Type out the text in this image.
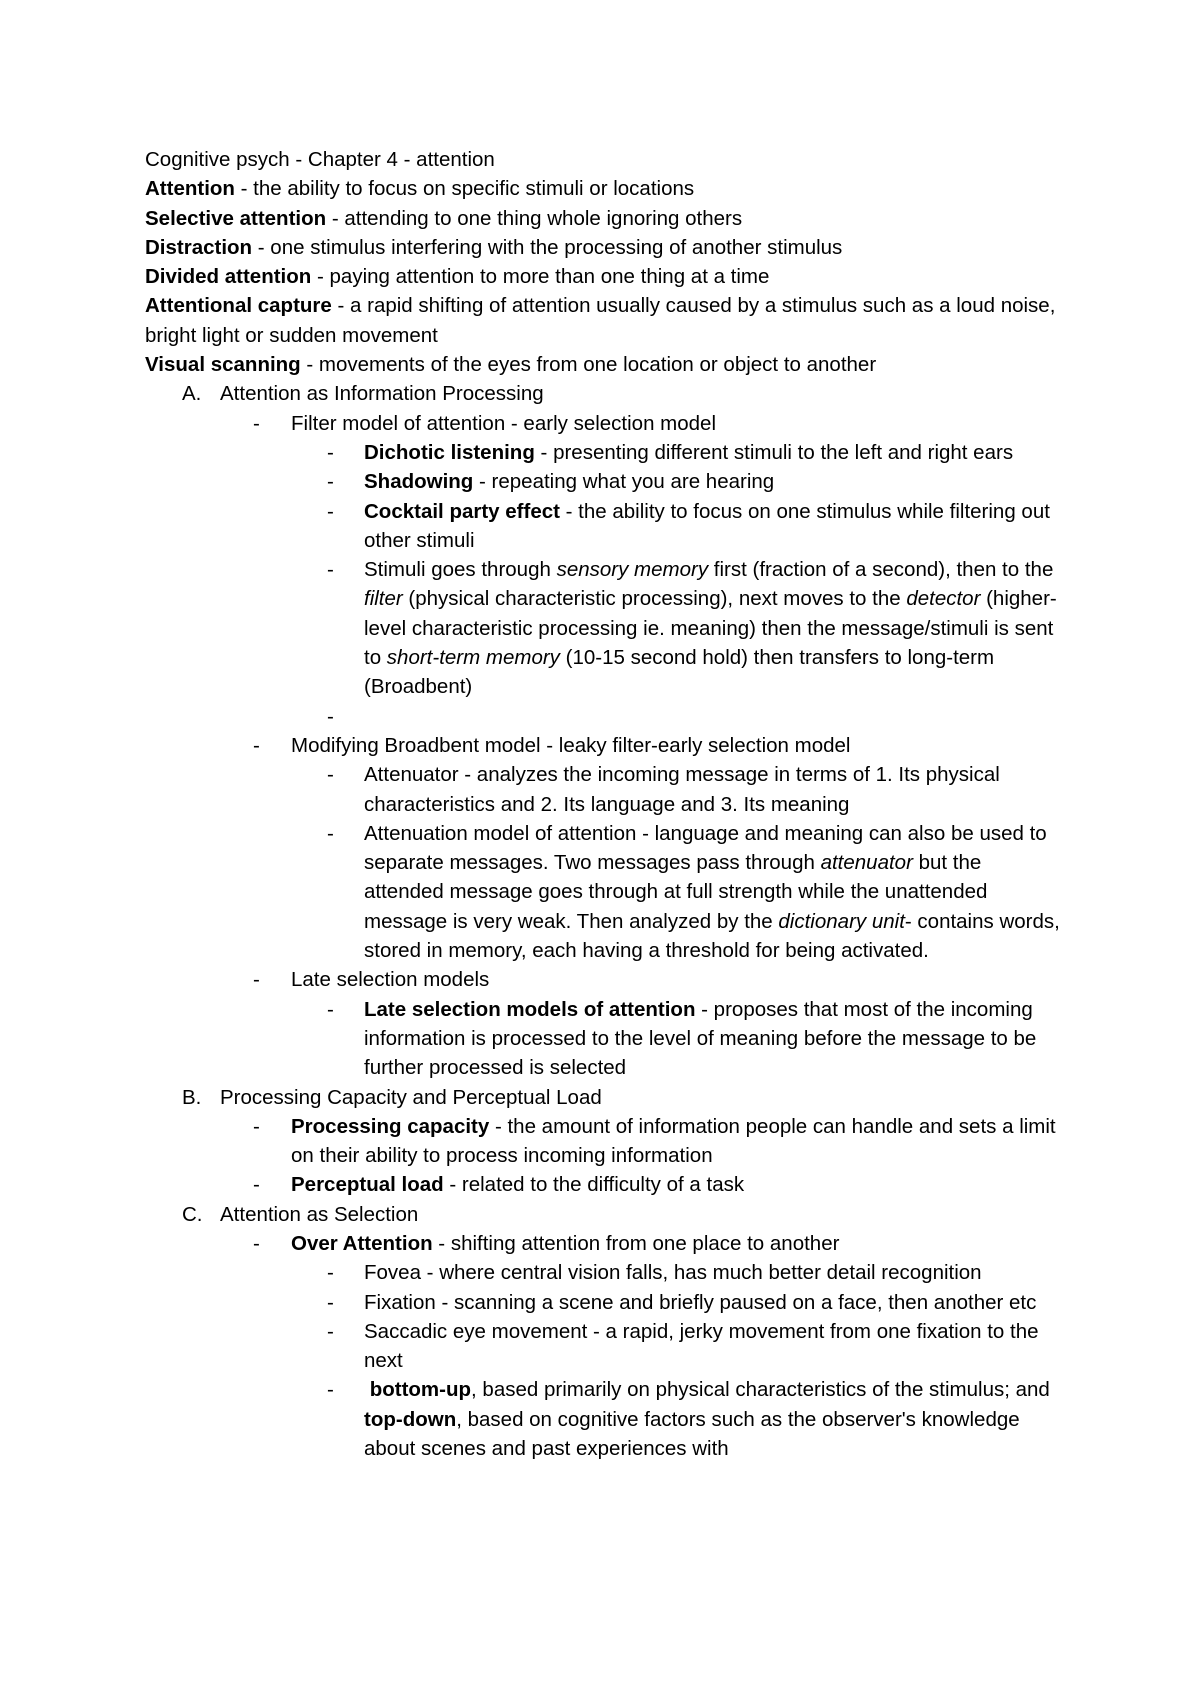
Cognitive psych - Chapter 4 - attention

Attention - the ability to focus on specific stimuli or locations

Selective attention - attending to one thing whole ignoring others

Distraction - one stimulus interfering with the processing of another stimulus

Divided attention - paying attention to more than one thing at a time

Attentional capture - a rapid shifting of attention usually caused by a stimulus such as a loud noise, bright light or sudden movement

Visual scanning - movements of the eyes from one location or object to another

A. Attention as Information Processing

- Filter model of attention - early selection model

- Dichotic listening - presenting different stimuli to the left and right ears

- Shadowing - repeating what you are hearing

- Cocktail party effect - the ability to focus on one stimulus while filtering out other stimuli

- Stimuli goes through sensory memory first (fraction of a second), then to the filter (physical characteristic processing), next moves to the detector (higher-level characteristic processing ie. meaning) then the message/stimuli is sent to short-term memory (10-15 second hold) then transfers to long-term (Broadbent)

-

- Modifying Broadbent model - leaky filter-early selection model

- Attenuator - analyzes the incoming message in terms of 1. Its physical characteristics and 2. Its language and 3. Its meaning

- Attenuation model of attention - language and meaning can also be used to separate messages. Two messages pass through attenuator but the attended message goes through at full strength while the unattended message is very weak. Then analyzed by the dictionary unit- contains words, stored in memory, each having a threshold for being activated.

- Late selection models

- Late selection models of attention - proposes that most of the incoming information is processed to the level of meaning before the message to be further processed is selected

B. Processing Capacity and Perceptual Load

- Processing capacity - the amount of information people can handle and sets a limit on their ability to process incoming information

- Perceptual load - related to the difficulty of a task

C. Attention as Selection

- Over Attention - shifting attention from one place to another

- Fovea - where central vision falls, has much better detail recognition

- Fixation - scanning a scene and briefly paused on a face, then another etc

- Saccadic eye movement - a rapid, jerky movement from one fixation to the next

- bottom-up, based primarily on physical characteristics of the stimulus; and top-down, based on cognitive factors such as the observer's knowledge about scenes and past experiences with
